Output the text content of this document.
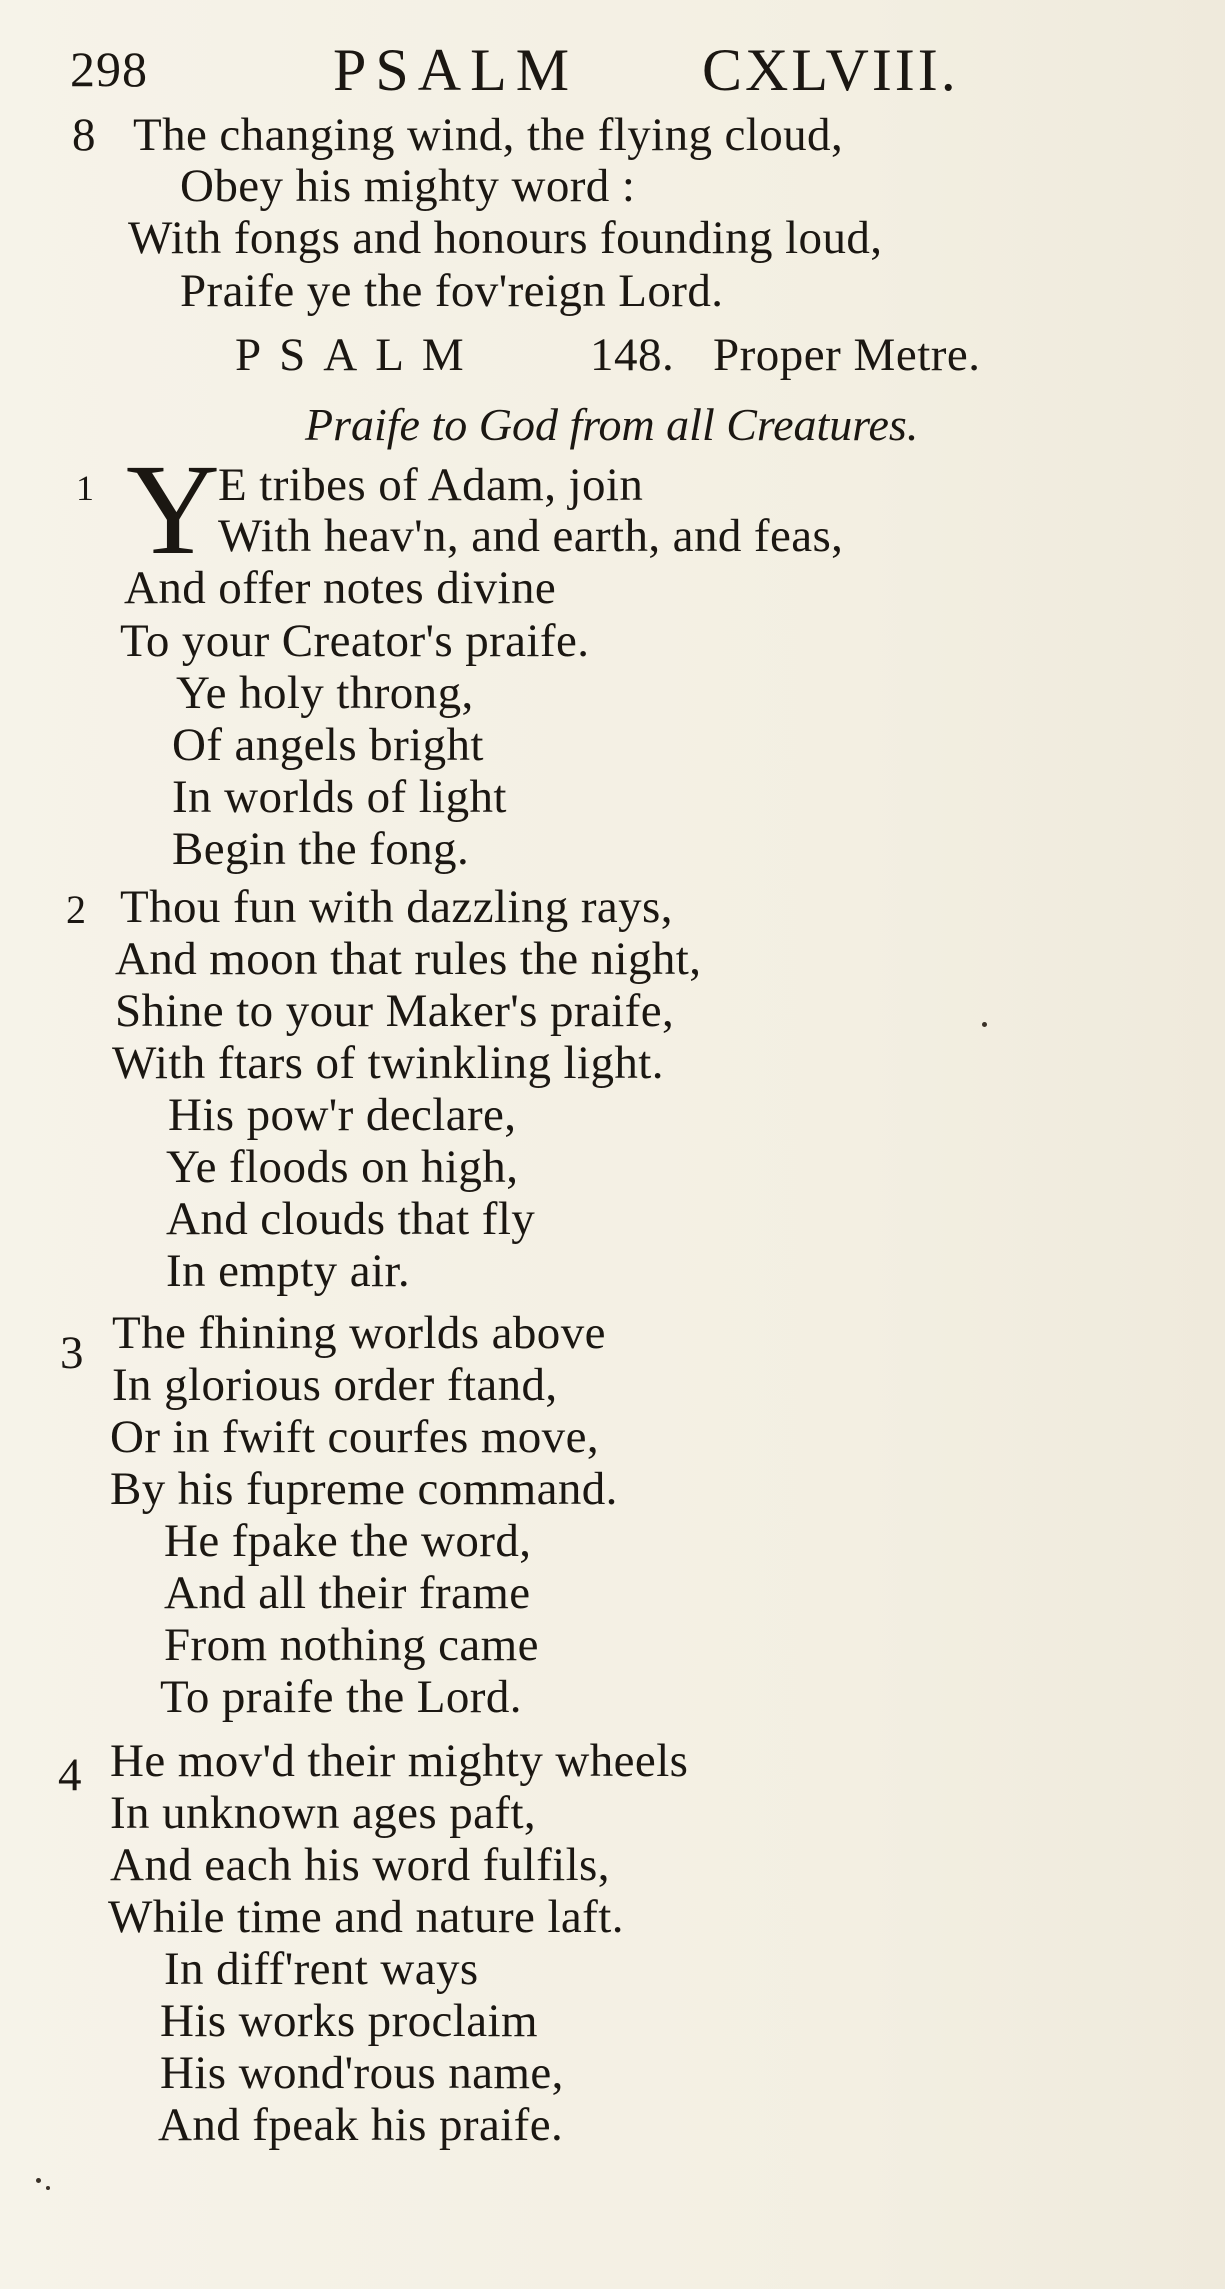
298	PSALM CXLVIII.
8 The changing wind, the flying cloud,
Obey his mighty word :
With fongs and honours founding loud,
Praife ye the fov'reign Lord.
PSALM 148. Proper Metre.
Praife to God from all Creatures.
1 Y
E tribes of Adam, join
With heav'n, and earth, and feas,
And offer notes divine
To your Creator's praife.
Ye holy throng,
Of angels bright
In worlds of light
Begin the fong.
2 Thou fun with dazzling rays,
And moon that rules the night,
Shine to your Maker's praife,
With ftars of twinkling light.
His pow'r declare,
Ye floods on high,
And clouds that fly
In empty air.
3 The fhining worlds above
In glorious order ftand,
Or in fwift courfes move,
By his fupreme command.
He fpake the word,
And all their frame
From nothing came
To praife the Lord.
4 He mov'd their mighty wheels
In unknown ages paft,
And each his word fulfils,
While time and nature laft.
In diff'rent ways
His works proclaim
His wond'rous name,
And fpeak his praife.
